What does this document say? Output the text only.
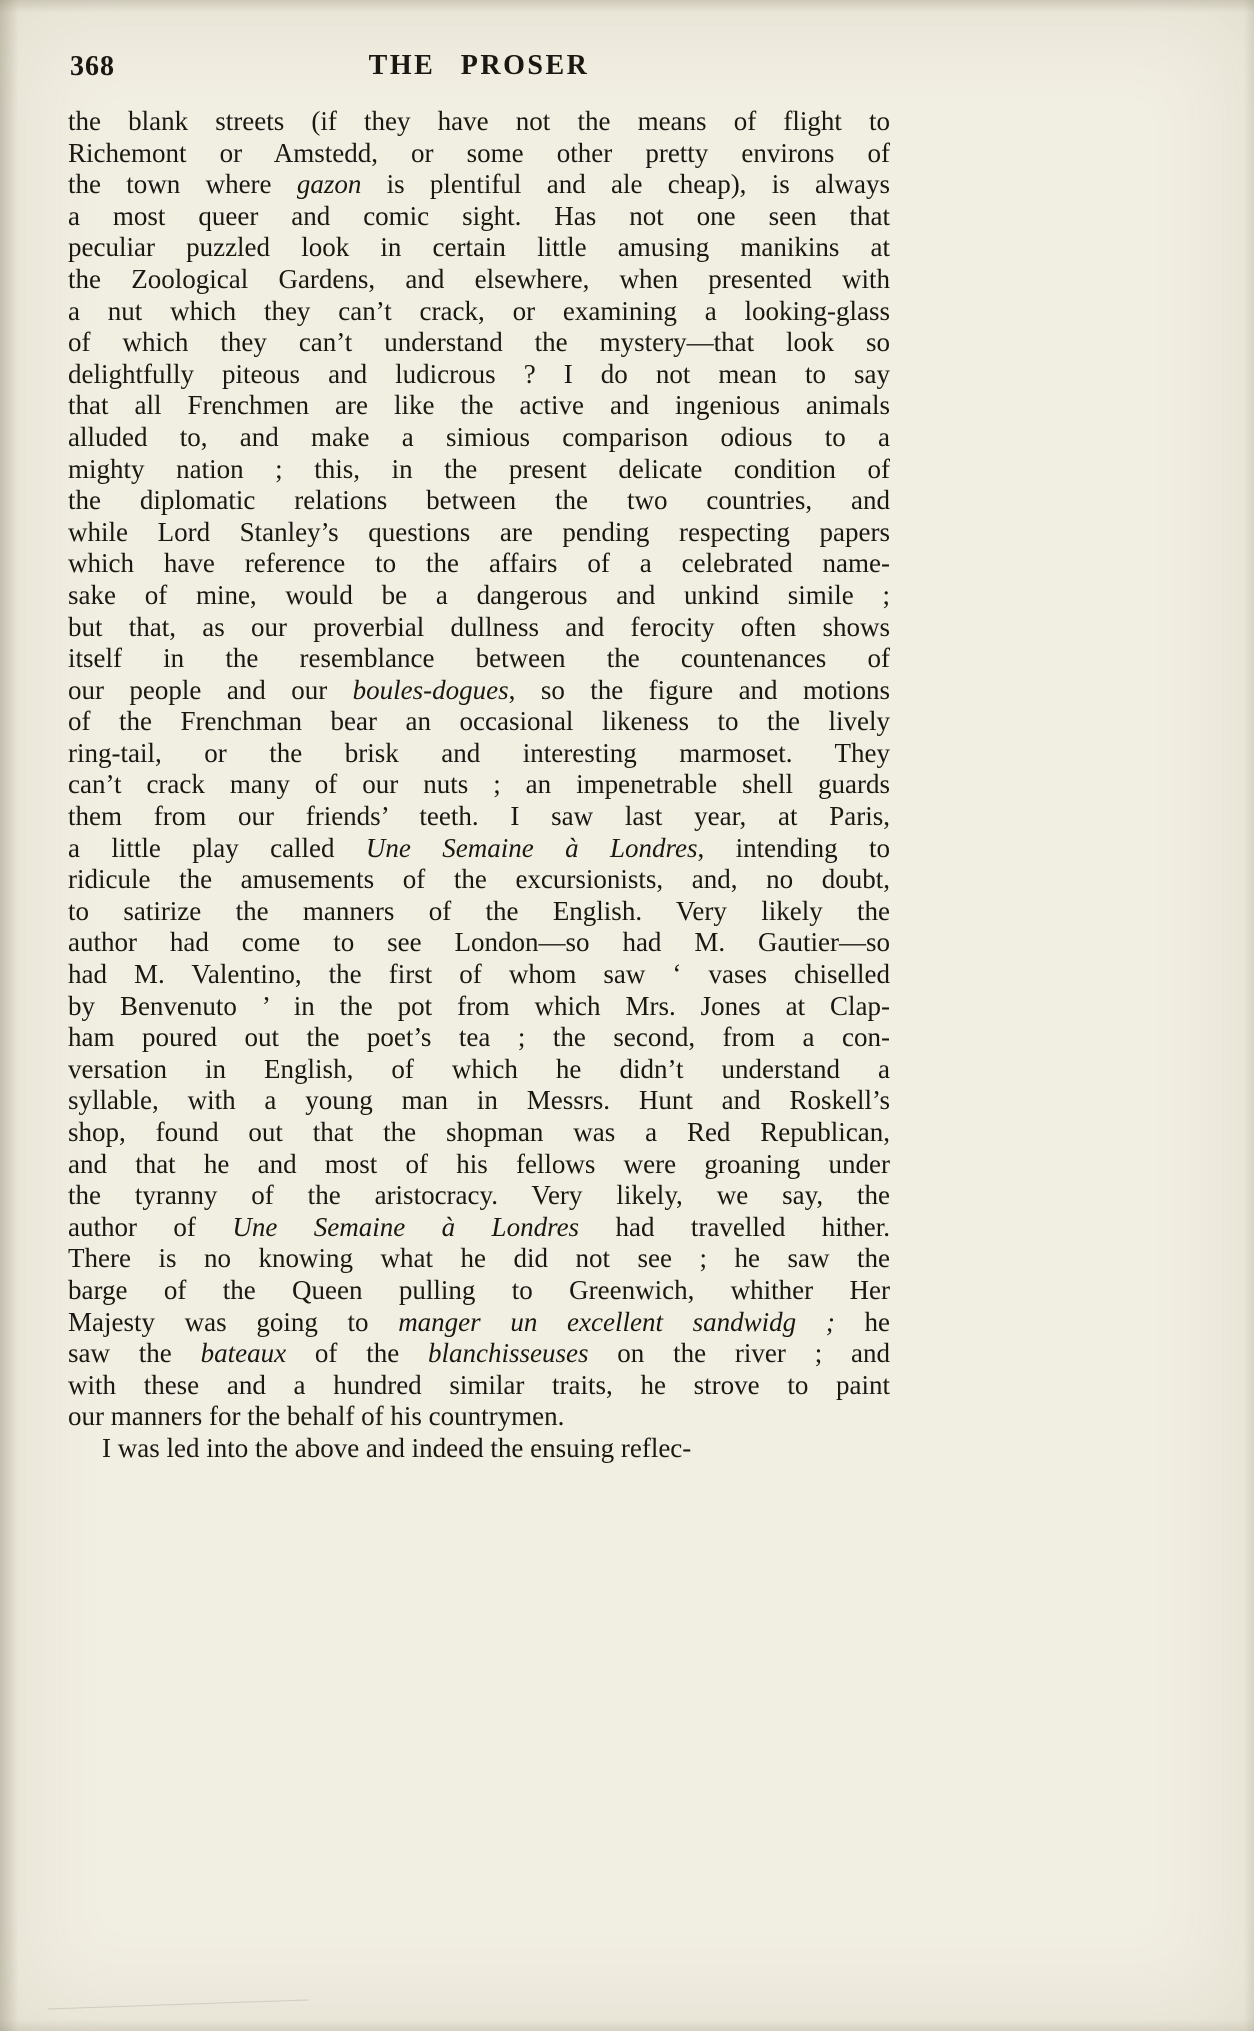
368	THE PROSER
the blank streets (if they have not the means of flight to
Richemont or Amstedd, or some other pretty environs of
the town where gazon is plentiful and ale cheap), is always
a most queer and comic sight. Has not one seen that
peculiar puzzled look in certain little amusing manikins at
the Zoological Gardens, and elsewhere, when presented with
a nut which they can’t crack, or examining a looking-glass
of which they can’t understand the mystery—that look so
delightfully piteous and ludicrous ? I do not mean to say
that all Frenchmen are like the active and ingenious animals
alluded to, and make a simious comparison odious to a
mighty nation ; this, in the present delicate condition of
the diplomatic relations between the two countries, and
while Lord Stanley’s questions are pending respecting papers
which have reference to the affairs of a celebrated name-
sake of mine, would be a dangerous and unkind simile ;
but that, as our proverbial dullness and ferocity often shows
itself in the resemblance between the countenances of
our people and our boules-dogues, so the figure and motions
of the Frenchman bear an occasional likeness to the lively
ring-tail, or the brisk and interesting marmoset. They
can’t crack many of our nuts ; an impenetrable shell guards
them from our friends’ teeth. I saw last year, at Paris,
a little play called Une Semaine à Londres, intending to
ridicule the amusements of the excursionists, and, no doubt,
to satirize the manners of the English. Very likely the
author had come to see London—so had M. Gautier—so
had M. Valentino, the first of whom saw ‘ vases chiselled
by Benvenuto ’ in the pot from which Mrs. Jones at Clap-
ham poured out the poet’s tea ; the second, from a con-
versation in English, of which he didn’t understand a
syllable, with a young man in Messrs. Hunt and Roskell’s
shop, found out that the shopman was a Red Republican,
and that he and most of his fellows were groaning under
the tyranny of the aristocracy. Very likely, we say, the
author of Une Semaine à Londres had travelled hither.
There is no knowing what he did not see ; he saw the
barge of the Queen pulling to Greenwich, whither Her
Majesty was going to manger un excellent sandwidg ; he
saw the bateaux of the blanchisseuses on the river ; and
with these and a hundred similar traits, he strove to paint
our manners for the behalf of his countrymen.
I was led into the above and indeed the ensuing reflec-
